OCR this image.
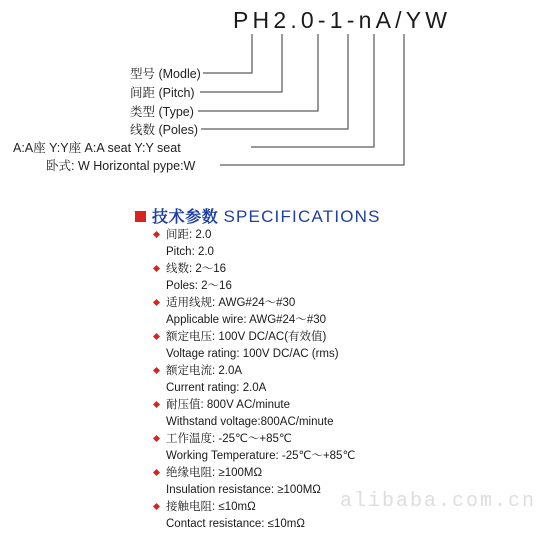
PH2.0-1-nA/YW
型号 (Modle)
间距 (Pitch)
类型 (Type)
线数 (Poles)
A:A座 Y:Y座 A:A seat Y:Y seat
卧式: W Horizontal pype:W
技术参数 SPECIFICATIONS
间距: 2.0
Pitch: 2.0
线数: 2～16
Poles: 2～16
适用线规: AWG#24～#30
Applicable wire: AWG#24～#30
额定电压: 100V DC/AC(有效值)
Voltage rating: 100V DC/AC (rms)
额定电流: 2.0A
Current rating: 2.0A
耐压值: 800V AC/minute
Withstand voltage:800AC/minute
工作温度: -25℃～+85℃
Working Temperature: -25℃～+85℃
绝缘电阻: ≥100MΩ
Insulation resistance: ≥100MΩ
接触电阻: ≤10mΩ
Contact resistance: ≤10mΩ
alibaba.com.cn
